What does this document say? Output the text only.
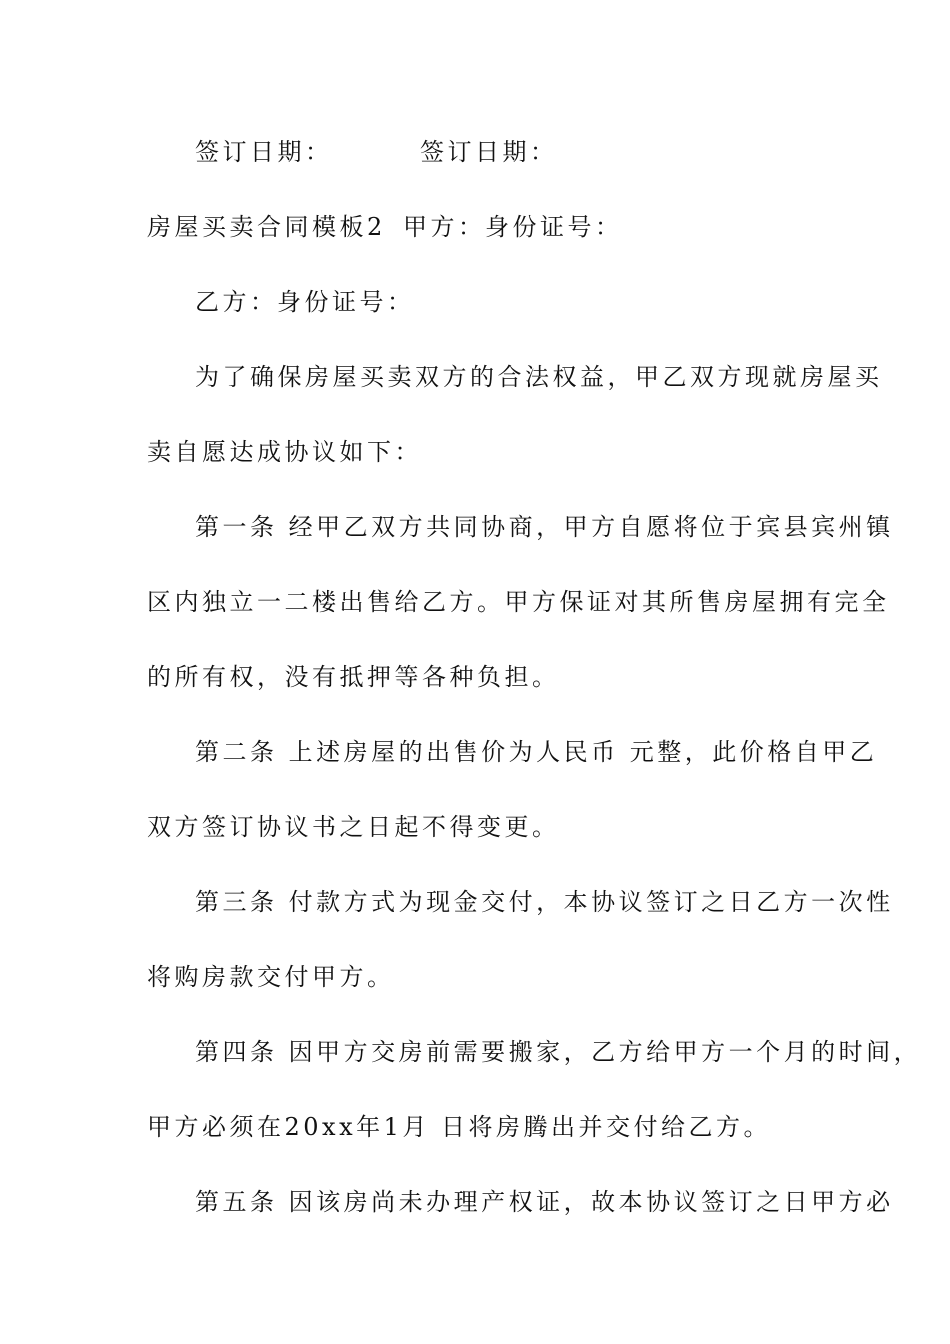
签订日期：	签订日期：
房屋买卖合同模板2 甲方： 身份证号：
乙方： 身份证号：
为了确保房屋买卖双方的合法权益，甲乙双方现就房屋买
卖自愿达成协议如下：
第一条 经甲乙双方共同协商，甲方自愿将位于宾县宾州镇
区内独立一二楼出售给乙方。甲方保证对其所售房屋拥有完全
的所有权，没有抵押等各种负担。
第二条 上述房屋的出售价为人民币 元整，此价格自甲乙
双方签订协议书之日起不得变更。
第三条 付款方式为现金交付，本协议签订之日乙方一次性
将购房款交付甲方。
第四条 因甲方交房前需要搬家，乙方给甲方一个月的时间，
甲方必须在20xx年1月 日将房腾出并交付给乙方。
第五条 因该房尚未办理产权证，故本协议签订之日甲方必
